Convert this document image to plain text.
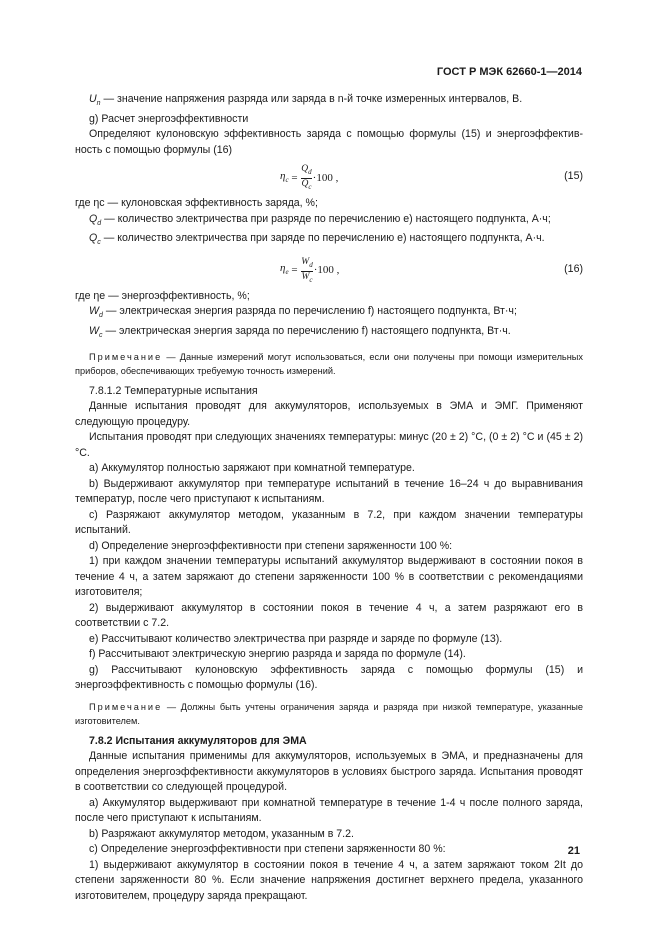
ГОСТ Р МЭК 62660-1—2014

$U_n$ — значение напряжения разряда или заряда в n-й точке измеренных интервалов, В.

g) Расчет энергоэффективности

Определяют кулоновскую эффективность заряда с помощью формулы (15) и энергоэффектив-ность с помощью формулы (16)

$\eta_c = \frac{Q_d}{Q_c} \cdot 100$ ,	(15)

где ηc — кулоновская эффективность заряда, %;

$Q_d$ — количество электричества при разряде по перечислению е) настоящего подпункта, А·ч;

$Q_c$ — количество электричества при заряде по перечислению е) настоящего подпункта, А·ч.

$\eta_e = \frac{W_d}{W_c} \cdot 100$ ,	(16)

где ηe — энергоэффективность, %;

$W_d$ — электрическая энергия разряда по перечислению f) настоящего подпункта, Вт·ч;

$W_c$ — электрическая энергия заряда по перечислению f) настоящего подпункта, Вт·ч.

Примечание — Данные измерений могут использоваться, если они получены при помощи измерительных приборов, обеспечивающих требуемую точность измерений.

7.8.1.2 Температурные испытания

Данные испытания проводят для аккумуляторов, используемых в ЭМА и ЭМГ. Применяют следующую процедуру.

Испытания проводят при следующих значениях температуры: минус (20 ± 2) °С, (0 ± 2) °С и (45 ± 2) °С.

а) Аккумулятор полностью заряжают при комнатной температуре.

b) Выдерживают аккумулятор при температуре испытаний в течение 16–24 ч до выравнивания температур, после чего приступают к испытаниям.

с) Разряжают аккумулятор методом, указанным в 7.2, при каждом значении температуры испытаний.

d) Определение энергоэффективности при степени заряженности 100 %:

1) при каждом значении температуры испытаний аккумулятор выдерживают в состоянии покоя в течение 4 ч, а затем заряжают до степени заряженности 100 % в соответствии с рекомендациями изготовителя;

2) выдерживают аккумулятор в состоянии покоя в течение 4 ч, а затем разряжают его в соответствии с 7.2.

е) Рассчитывают количество электричества при разряде и заряде по формуле (13).

f) Рассчитывают электрическую энергию разряда и заряда по формуле (14).

g) Рассчитывают кулоновскую эффективность заряда с помощью формулы (15) и энергоэффективность с помощью формулы (16).

Примечание — Должны быть учтены ограничения заряда и разряда при низкой температуре, указанные изготовителем.

7.8.2 Испытания аккумуляторов для ЭМА

Данные испытания применимы для аккумуляторов, используемых в ЭМА, и предназначены для определения энергоэффективности аккумуляторов в условиях быстрого заряда. Испытания проводят в соответствии со следующей процедурой.

а) Аккумулятор выдерживают при комнатной температуре в течение 1-4 ч после полного заряда, после чего приступают к испытаниям.

b) Разряжают аккумулятор методом, указанным в 7.2.

с) Определение энергоэффективности при степени заряженности 80 %:

1) выдерживают аккумулятор в состоянии покоя в течение 4 ч, а затем заряжают током 2It до степени заряженности 80 %. Если значение напряжения достигнет верхнего предела, указанного изготовителем, процедуру заряда прекращают.

21
